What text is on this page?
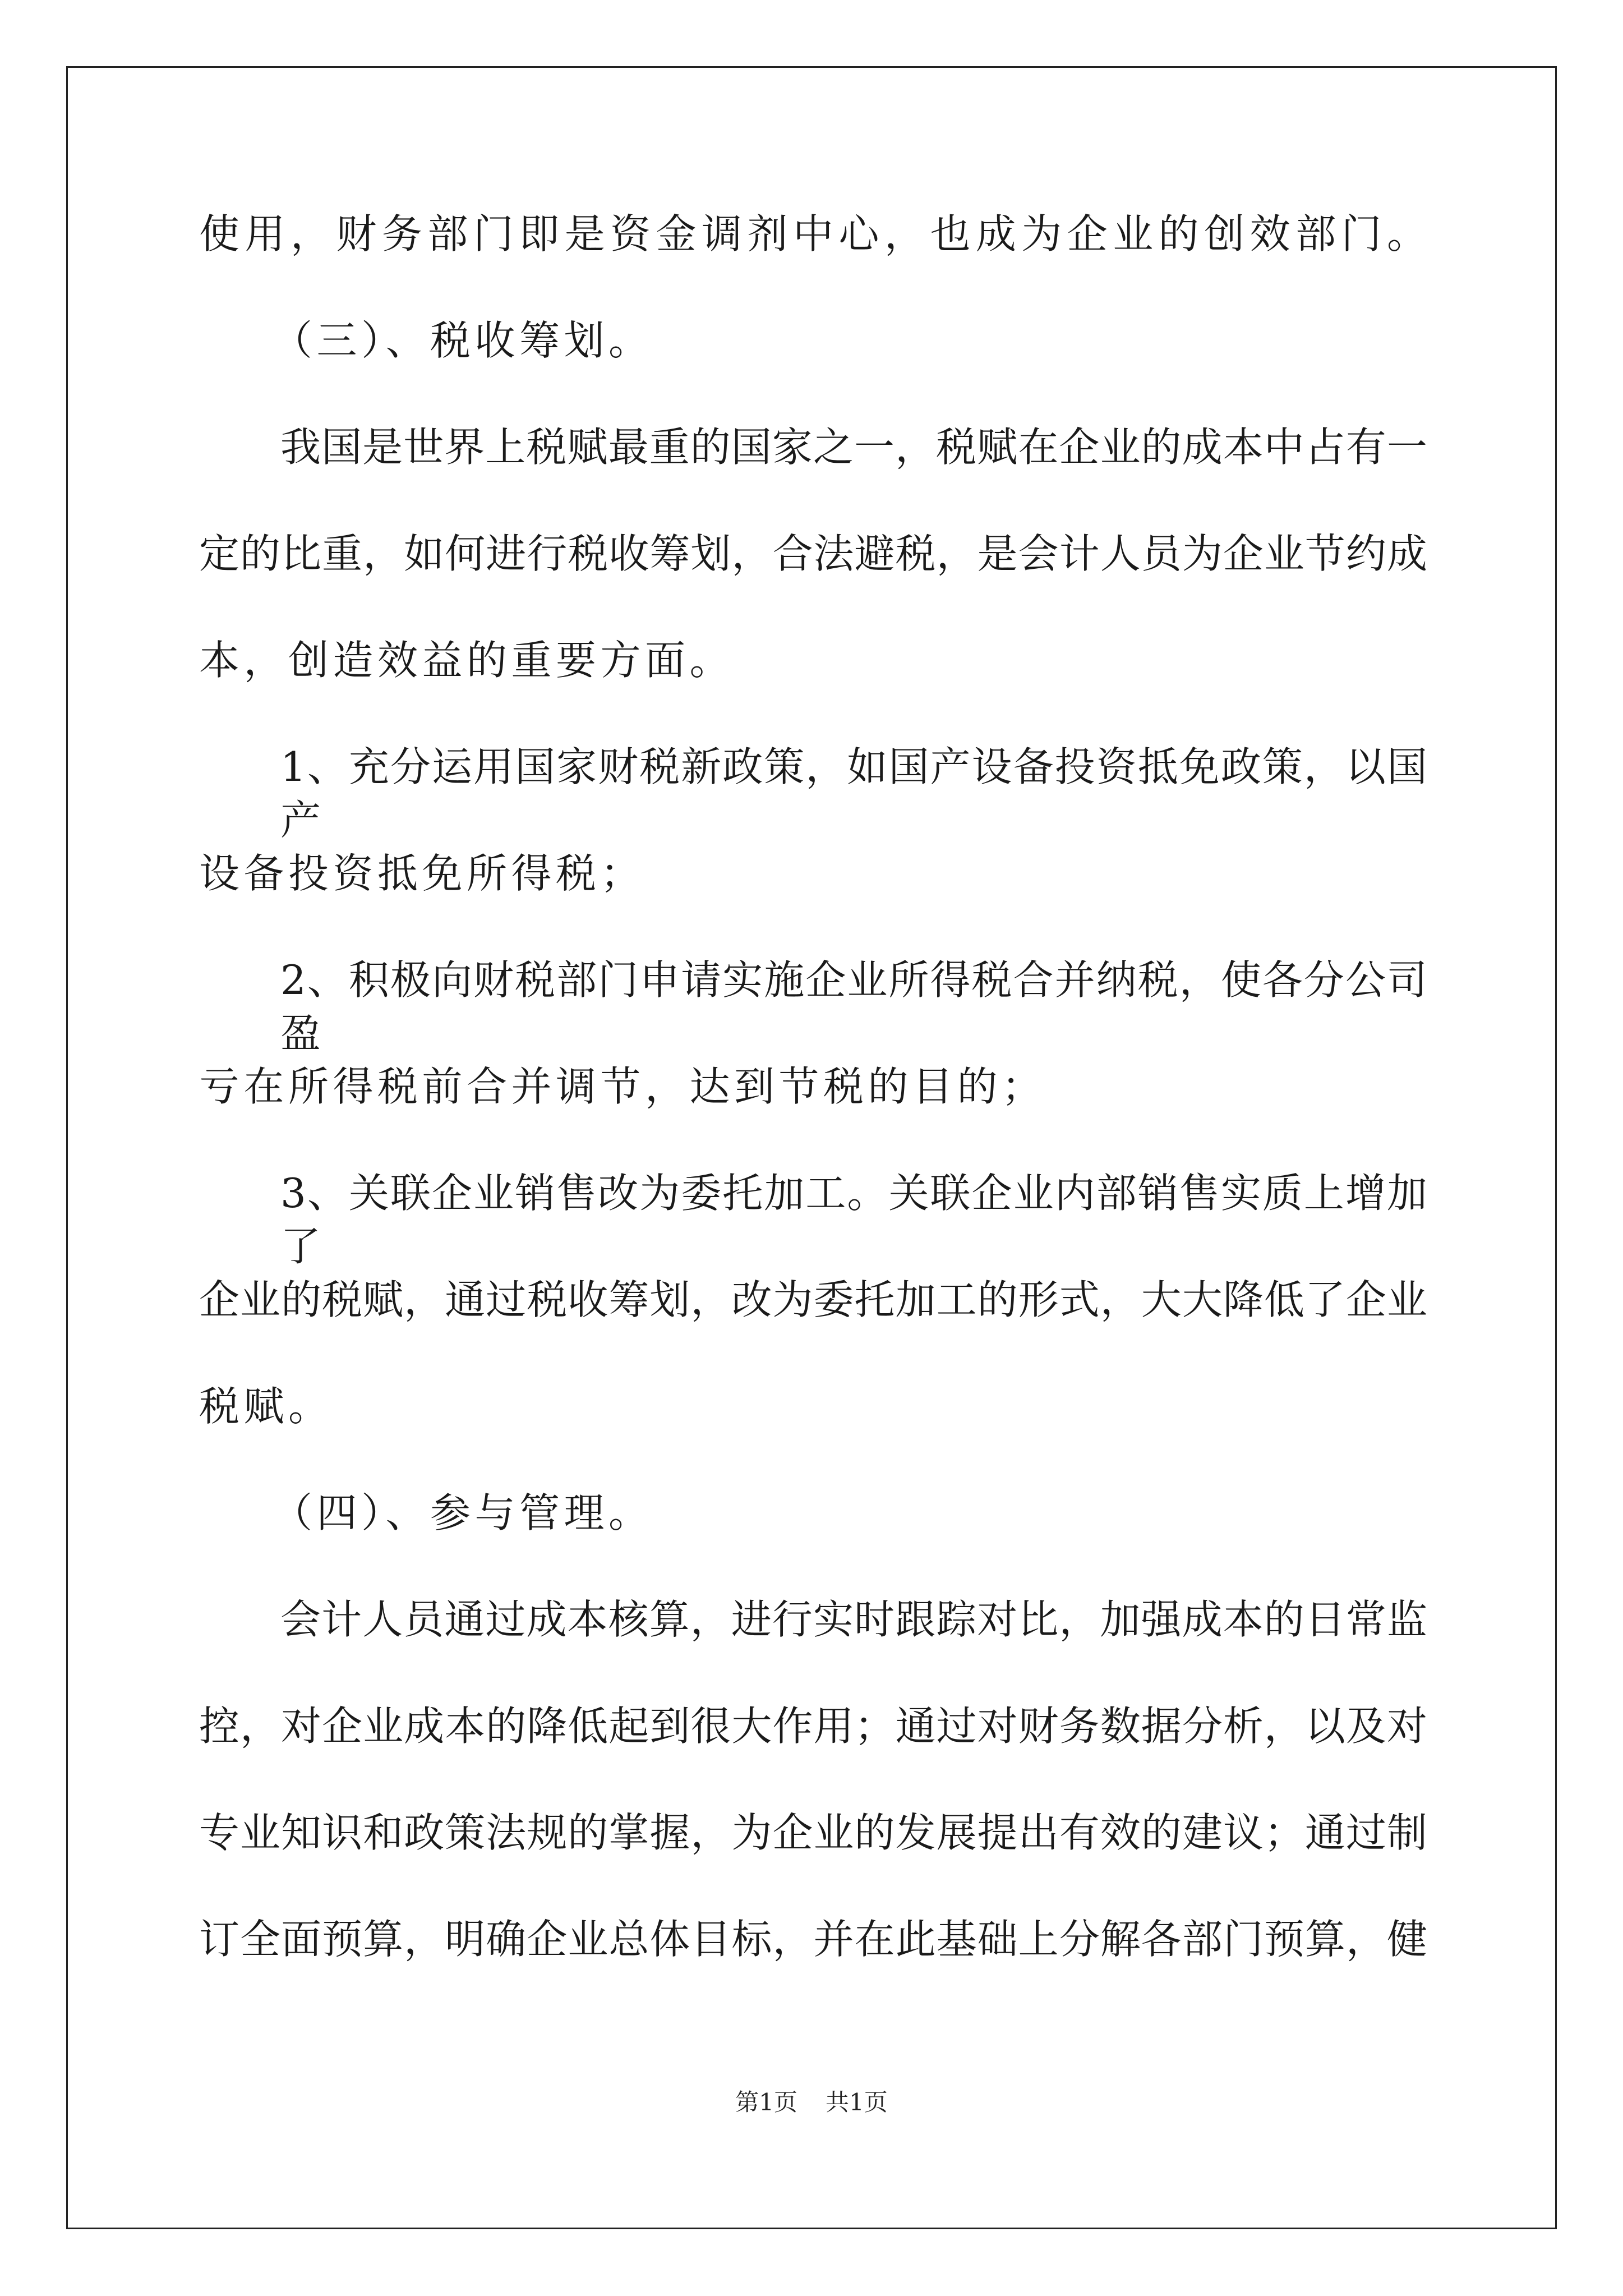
使用，财务部门即是资金调剂中心，也成为企业的创效部门。
（三）、税收筹划。
我国是世界上税赋最重的国家之一，税赋在企业的成本中占有一
定的比重，如何进行税收筹划，合法避税，是会计人员为企业节约成
本，创造效益的重要方面。
1、充分运用国家财税新政策，如国产设备投资抵免政策，以国产
设备投资抵免所得税；
2、积极向财税部门申请实施企业所得税合并纳税，使各分公司盈
亏在所得税前合并调节，达到节税的目的；
3、关联企业销售改为委托加工。关联企业内部销售实质上增加了
企业的税赋，通过税收筹划，改为委托加工的形式，大大降低了企业
税赋。
（四）、参与管理。
会计人员通过成本核算，进行实时跟踪对比，加强成本的日常监
控，对企业成本的降低起到很大作用；通过对财务数据分析，以及对
专业知识和政策法规的掌握，为企业的发展提出有效的建议；通过制
订全面预算，明确企业总体目标，并在此基础上分解各部门预算，健
第1页 共1页
